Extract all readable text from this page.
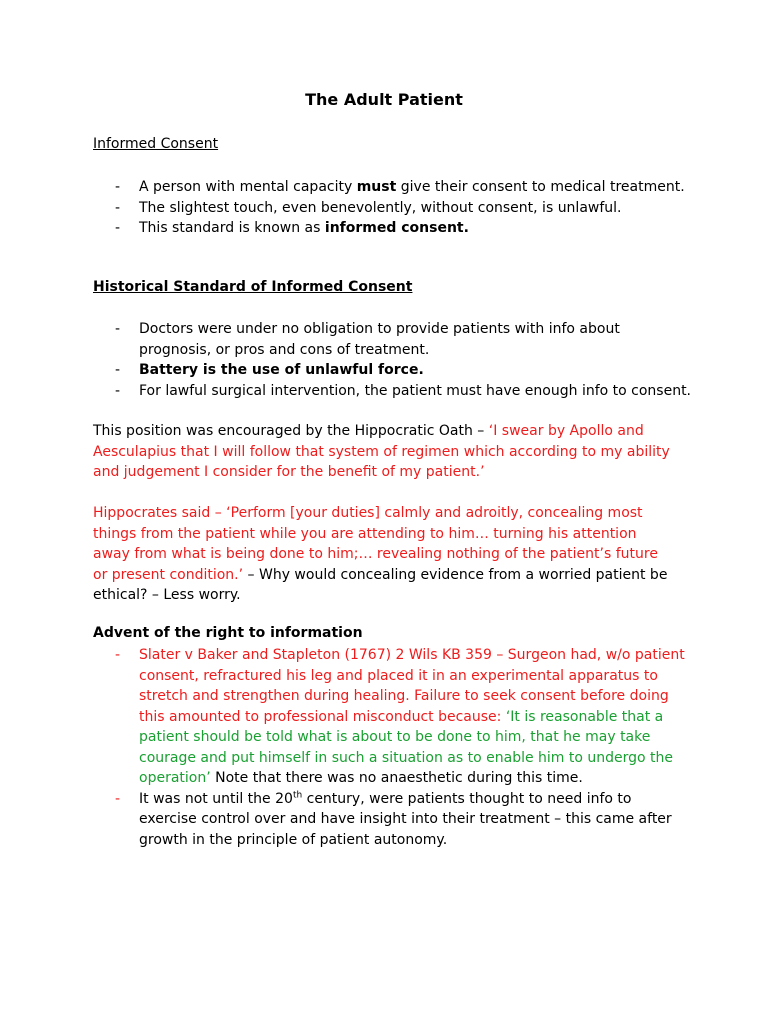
The Adult Patient
Informed Consent
- A person with mental capacity must give their consent to medical treatment.
- The slightest touch, even benevolently, without consent, is unlawful.
- This standard is known as informed consent.
Historical Standard of Informed Consent
- Doctors were under no obligation to provide patients with info about prognosis, or pros and cons of treatment.
- Battery is the use of unlawful force.
- For lawful surgical intervention, the patient must have enough info to consent.

This position was encouraged by the Hippocratic Oath – ‘I swear by Apollo and Aesculapius that I will follow that system of regimen which according to my ability and judgement I consider for the benefit of my patient.’

Hippocrates said – ‘Perform [your duties] calmly and adroitly, concealing most things from the patient while you are attending to him… turning his attention away from what is being done to him;… revealing nothing of the patient’s future or present condition.’ – Why would concealing evidence from a worried patient be ethical? – Less worry.

Advent of the right to information
- Slater v Baker and Stapleton (1767) 2 Wils KB 359 – Surgeon had, w/o patient consent, refractured his leg and placed it in an experimental apparatus to stretch and strengthen during healing. Failure to seek consent before doing this amounted to professional misconduct because: ‘It is reasonable that a patient should be told what is about to be done to him, that he may take courage and put himself in such a situation as to enable him to undergo the operation’ Note that there was no anaesthetic during this time.
- It was not until the 20th century, were patients thought to need info to exercise control over and have insight into their treatment – this came after growth in the principle of patient autonomy.
